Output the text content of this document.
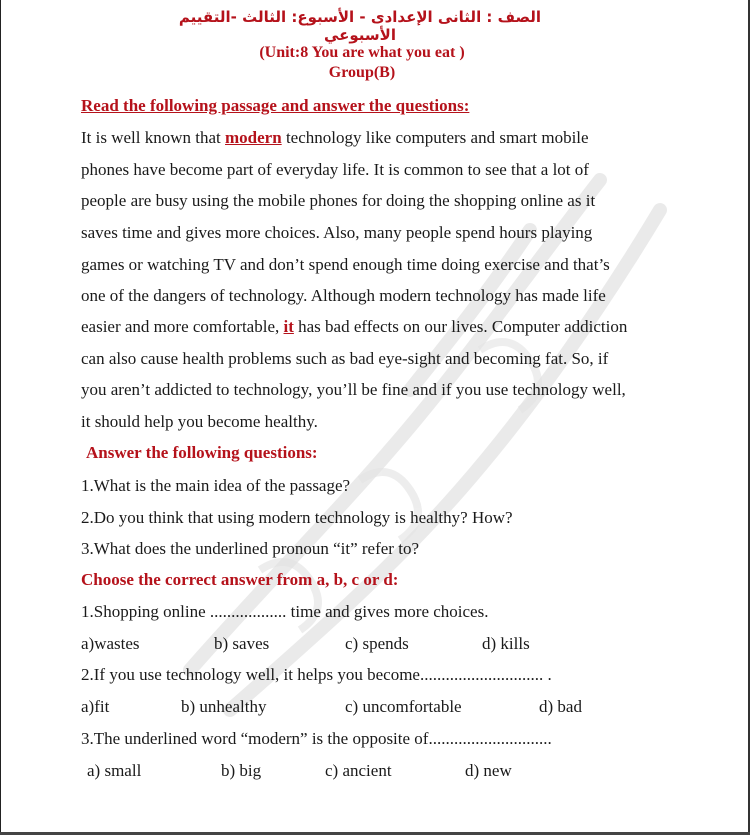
الصف : الثانى الإعدادى - الأسبوع: الثالث -التقييم الأسبوعي
(Unit:8 You are what you eat )
Group(B)
Read the following passage and answer the questions:
It is well known that modern technology like computers and smart mobile
phones have become part of everyday life. It is common to see that a lot of
people are busy using the mobile phones for doing the shopping online as it
saves time and gives more choices. Also, many people spend hours playing
games or watching TV and don’t spend enough time doing exercise and that’s
one of the dangers of technology. Although modern technology has made life
easier and more comfortable, it has bad effects on our lives. Computer addiction
can also cause health problems such as bad eye-sight and becoming fat. So, if
you aren’t addicted to technology, you’ll be fine and if you use technology well,
it should help you become healthy.
Answer the following questions:
1.What is the main idea of the passage?
2.Do you think that using modern technology is healthy? How?
3.What does the underlined pronoun “it” refer to?
Choose the correct answer from a, b, c or d:
1.Shopping online .................. time and gives more choices.
a)wastes	b) saves	c) spends	d) kills
2.If you use technology well, it helps you become............................. .
a)fit	b) unhealthy	c) uncomfortable	d) bad
3.The underlined word “modern” is the opposite of.............................
a) small	b) big	c) ancient	d) new
